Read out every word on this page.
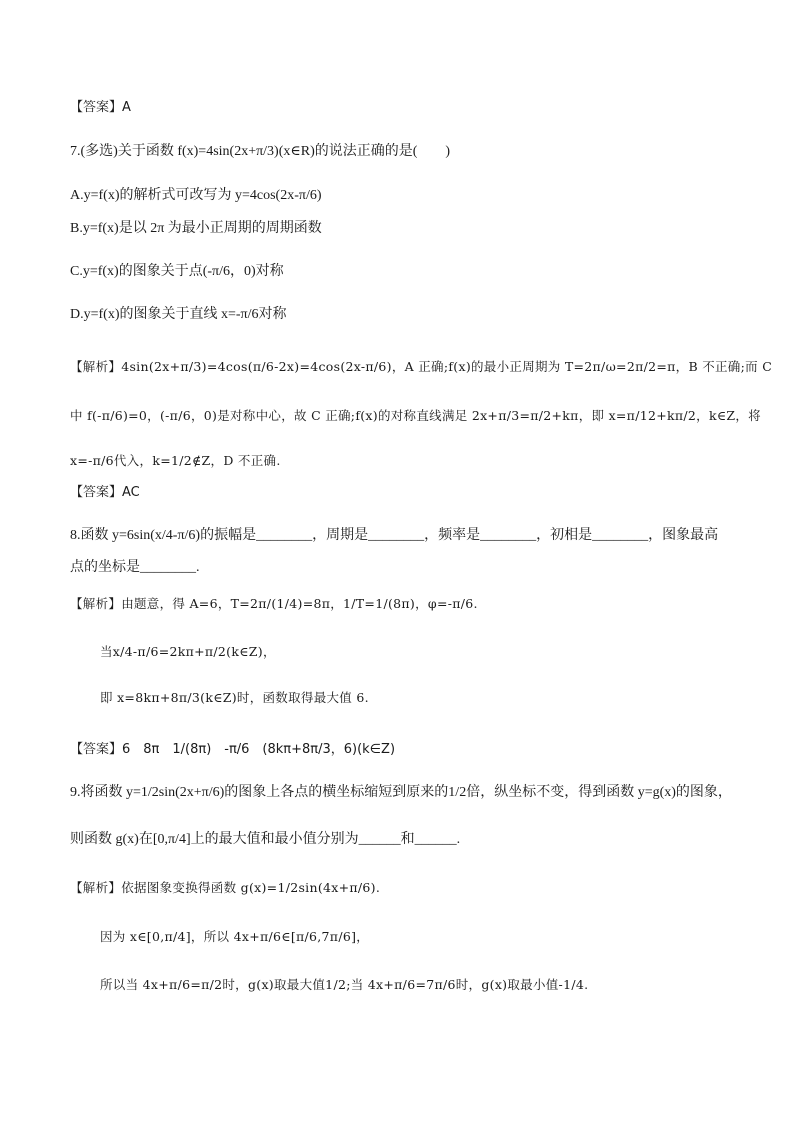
【答案】A
7.(多选)关于函数 f(x)=4sin(2x+π/3)(x∈R)的说法正确的是(　　)
A.y=f(x)的解析式可改写为 y=4cos(2x-π/6)
B.y=f(x)是以 2π 为最小正周期的周期函数
C.y=f(x)的图象关于点(-π/6，0)对称
D.y=f(x)的图象关于直线 x=-π/6对称
【解析】4sin(2x+π/3)=4cos(π/6-2x)=4cos(2x-π/6)，A 正确;f(x)的最小正周期为 T=2π/ω=2π/2=π，B 不正确;而 C
中 f(-π/6)=0，(-π/6，0)是对称中心，故 C 正确;f(x)的对称直线满足 2x+π/3=π/2+kπ，即 x=π/12+kπ/2，k∈Z，将
x=-π/6代入，k=1/2∉Z，D 不正确.
【答案】AC
8.函数 y=6sin(x/4-π/6)的振幅是________，周期是________，频率是________，初相是________，图象最高
点的坐标是________.
【解析】由题意，得 A=6，T=2π/(1/4)=8π，1/T=1/(8π)，φ=-π/6.
当x/4-π/6=2kπ+π/2(k∈Z)，
即 x=8kπ+8π/3(k∈Z)时，函数取得最大值 6.
【答案】6　8π　1/(8π)　-π/6　(8kπ+8π/3，6)(k∈Z)
9.将函数 y=1/2sin(2x+π/6)的图象上各点的横坐标缩短到原来的1/2倍，纵坐标不变，得到函数 y=g(x)的图象，
则函数 g(x)在[0,π/4]上的最大值和最小值分别为______和______.
【解析】依据图象变换得函数 g(x)=1/2sin(4x+π/6).
因为 x∈[0,π/4]，所以 4x+π/6∈[π/6,7π/6]，
所以当 4x+π/6=π/2时，g(x)取最大值1/2;当 4x+π/6=7π/6时，g(x)取最小值-1/4.
